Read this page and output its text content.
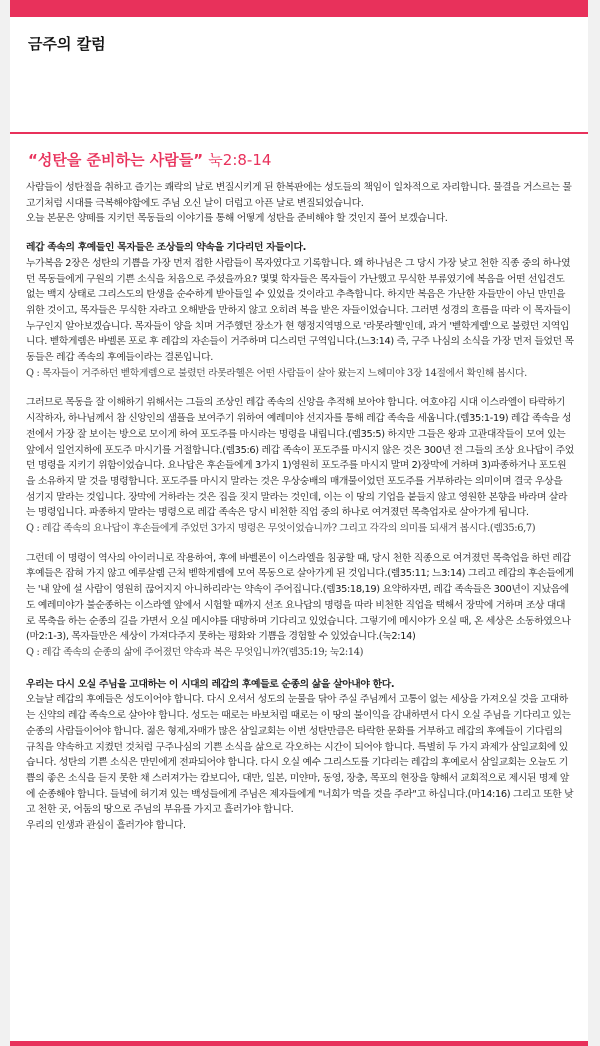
금주의 칼럼
“성탄을 준비하는 사람들” 눅2:8-14

사람들이 성탄절을 취하고 즐기는 쾌락의 날로 변질시키게 된 한복판에는 성도들의 책임이 일차적으로 자리합니다. 물결을 거스르는 물고기처럼 시대를 극복해야함에도 주님 오신 날이 더럽고 아픈 날로 변질되었습니다.

오늘 본문은 양떼를 지키던 목동들의 이야기를 통해 어떻게 성탄을 준비해야 할 것인지 풀어 보겠습니다.

레갑 족속의 후예들인 목자들은 조상들의 약속을 기다리던 자들이다.

누가복음 2장은 성탄의 기쁨을 가장 먼저 접한 사람들이 목자였다고 기록합니다. 왜 하나님은 그 당시 가장 낮고 천한 직종 중의 하나였던 목동들에게 구원의 기쁜 소식을 처음으로 주셨을까요? 몇몇 학자들은 목자들이 가난했고 무식한 부류였기에 복음을 어떤 선입견도 없는 백지 상태로 그리스도의 탄생을 순수하게 받아들일 수 있었을 것이라고 추측합니다. 하지만 복음은 가난한 자들만이 아닌 만민을 위한 것이고, 목자들은 무식한 자라고 오해받을 만하지 않고 오히려 복을 받은 자들이었습니다. 그러면 성경의 흐름을 따라 이 목자들이 누구인지 알아보겠습니다. 목자들이 양을 치며 거주했던 장소가 현 행정지역명으로 '라못라헬'인데, 과거 '벧학게렘'으로 불렸던 지역입니다. 벧학게렘은 바벨론 포로 후 레갑의 자손들이 거주하며 디스리던 구역입니다.(느3:14) 즉, 구주 나심의 소식을 가장 먼저 들었던 목동들은 레갑 족속의 후예들이라는 결론입니다.

Q : 목자들이 거주하던 벧학게렘으로 불렸던 라못라헬은 어떤 사람들이 살아 왔는지 느헤미야 3장 14절에서 확인해 봅시다.

그러므로 목동을 잘 이해하기 위해서는 그들의 조상인 레갑 족속의 신앙을 추적해 보아야 합니다. 여호야김 시대 이스라엘이 타락하기 시작하자, 하나님께서 참 신앙인의 샘플을 보여주기 위하여 예레미야 선지자를 통해 레갑 족속을 세웁니다.(렘35:1-19) 레갑 족속을 성전에서 가장 잘 보이는 방으로 모이게 하여 포도주를 마시라는 명령을 내립니다.(렘35:5) 하지만 그들은 왕과 고관대작들이 모여 있는 앞에서 일언지하에 포도주 마시기를 거절합니다.(렘35:6) 레갑 족속이 포도주를 마시지 않은 것은 300년 전 그들의 조상 요나답이 주었던 명령을 지키기 위함이었습니다. 요나답은 후손들에게 3가지 1)영원히 포도주를 마시지 말며 2)장막에 거하며 3)파종하거나 포도원을 소유하지 말 것을 명령합니다. 포도주를 마시지 말라는 것은 우상숭배의 매개물이었던 포도주를 거부하라는 의미이며 결국 우상을 섬기지 말라는 것입니다. 장막에 거하라는 것은 집을 짓지 말라는 것인데, 이는 이 땅의 기업을 붙들지 않고 영원한 본향을 바라며 살라는 명령입니다. 파종하지 말라는 명령으로 레갑 족속은 당시 비천한 직업 중의 하나로 여겨졌던 목축업자로 살아가게 됩니다.

Q : 레갑 족속의 요나답이 후손들에게 주었던 3가지 명령은 무엇이었습니까? 그리고 각각의 의미를 되새겨 봅시다.(렘35:6,7)

그런데 이 명령이 역사의 아이러니로 작용하여, 후에 바벨론이 이스라엘을 침공할 때, 당시 천한 직종으로 여겨졌던 목축업을 하던 레갑 후예들은 잡혀 가지 않고 예루살렘 근처 벧학게렘에 모여 목동으로 살아가게 된 것입니다.(렘35:11; 느3:14) 그리고 레갑의 후손들에게는 '내 앞에 설 사람이 영원히 끊어지지 아니하리라'는 약속이 주어집니다.(렘35:18,19) 요약하자면, 레갑 족속들은 300년이 지났음에도 예레미야가 불순종하는 이스라엘 앞에서 시험할 때까지 선조 요나답의 명령을 따라 비천한 직업을 택해서 장막에 거하며 조상 대대로 목축을 하는 순종의 길을 가면서 오실 메시야를 대망하며 기다리고 있었습니다. 그렇기에 메시야가 오실 때, 온 세상은 소동하였으나(마2:1-3), 목자들만은 세상이 가져다주지 못하는 평화와 기쁨을 경험할 수 있었습니다.(눅2:14)

Q : 레갑 족속의 순종의 삶에 주어졌던 약속과 복은 무엇입니까?(렘35:19; 눅2:14)

우리는 다시 오실 주님을 고대하는 이 시대의 레갑의 후예들로 순종의 삶을 살아내야 한다.

오늘날 레갑의 후예들은 성도이어야 합니다. 다시 오셔서 성도의 눈물을 닦아 주실 주님께서 고통이 없는 세상을 가져오실 것을 고대하는 신약의 레갑 족속으로 살아야 합니다. 성도는 때로는 바보처럼 때로는 이 땅의 불이익을 감내하면서 다시 오실 주님을 기다리고 있는 순종의 사람들이어야 합니다. 젊은 형제,자매가 많은 삼일교회는 이번 성탄만큼은 타락한 문화를 거부하고 레갑의 후예들이 기다림의 규칙을 약속하고 지켰던 것처럼 구주나심의 기쁜 소식을 삶으로 각오하는 시간이 되어야 합니다. 특별히 두 가지 과제가 삼일교회에 있습니다. 성탄의 기쁜 소식은 만민에게 전파되어야 합니다. 다시 오실 예수 그리스도를 기다리는 레갑의 후예로서 삼일교회는 오늘도 기쁨의 좋은 소식을 듣지 못한 채 스러져가는 캄보디아, 대만, 일본, 미얀마, 동영, 장충, 목포의 현장을 향해서 교회적으로 제시된 명제 앞에 순종해야 합니다. 들녘에 허기져 있는 백성들에게 주님은 제자들에게 "너희가 먹을 것을 주라"고 하십니다.(마14:16) 그리고 또한 낮고 천한 곳, 어둠의 땅으로 주님의 부유를 가지고 흘러가야 합니다.

우리의 인생과 관심이 흘러가야 합니다.
